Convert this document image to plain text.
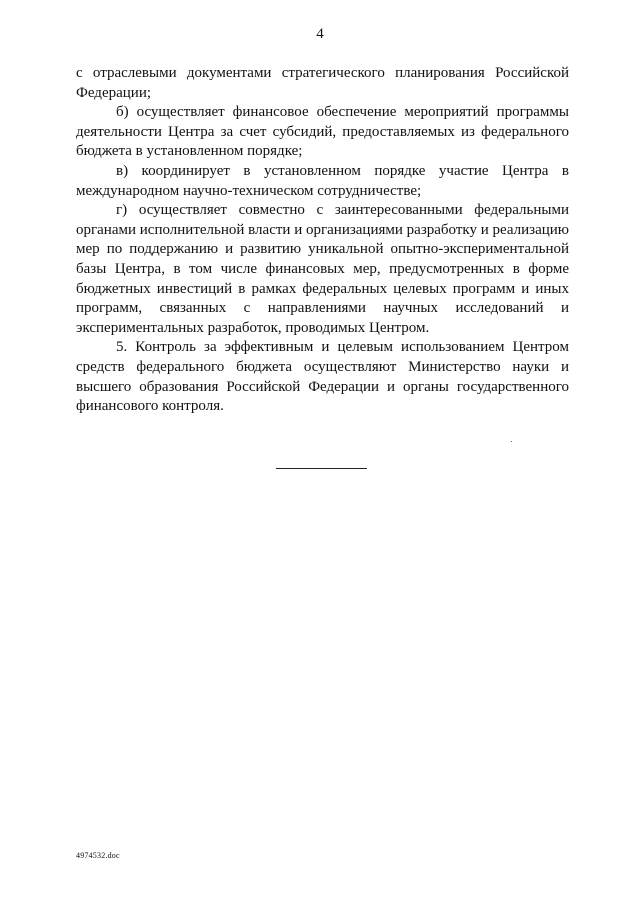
4

с отраслевыми документами стратегического планирования Российской Федерации;

б) осуществляет финансовое обеспечение мероприятий программы деятельности Центра за счет субсидий, предоставляемых из федерального бюджета в установленном порядке;

в) координирует в установленном порядке участие Центра в международном научно-техническом сотрудничестве;

г) осуществляет совместно с заинтересованными федеральными органами исполнительной власти и организациями разработку и реализацию мер по поддержанию и развитию уникальной опытно-экспериментальной базы Центра, в том числе финансовых мер, предусмотренных в форме бюджетных инвестиций в рамках федеральных целевых программ и иных программ, связанных с направлениями научных исследований и экспериментальных разработок, проводимых Центром.

5. Контроль за эффективным и целевым использованием Центром средств федерального бюджета осуществляют Министерство науки и высшего образования Российской Федерации и органы государственного финансового контроля.

4974532.doc
